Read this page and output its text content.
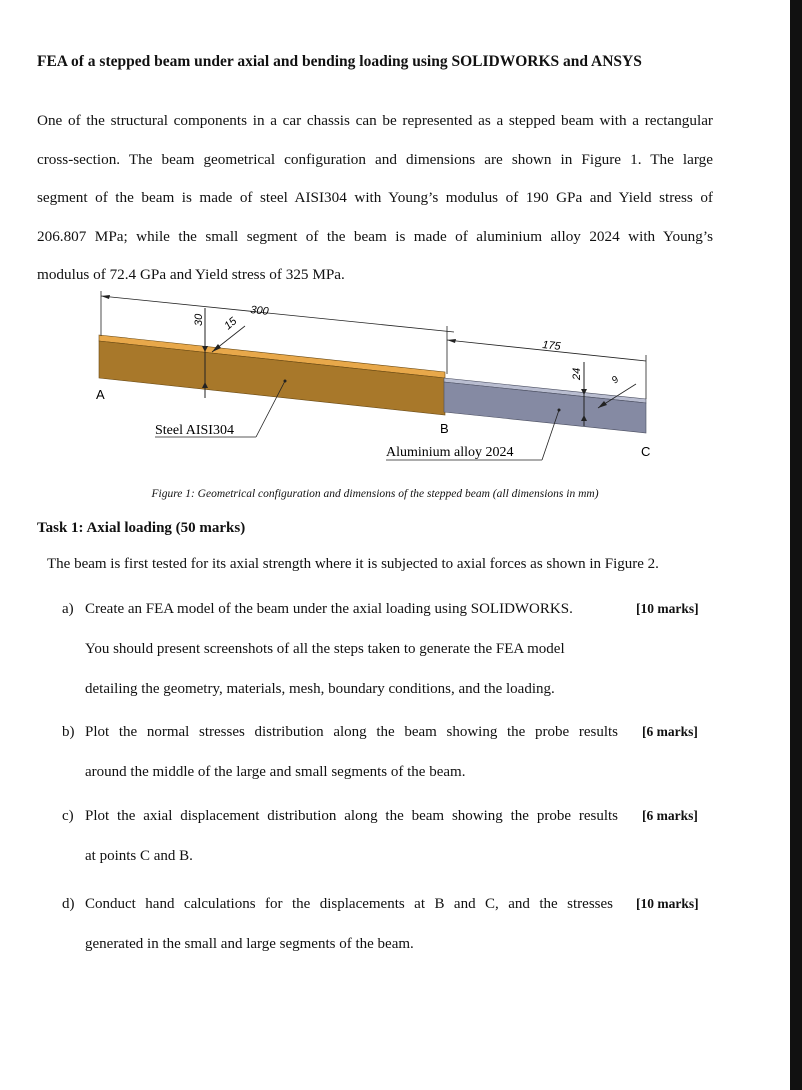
FEA of a stepped beam under axial and bending loading using SOLIDWORKS and ANSYS
One of the structural components in a car chassis can be represented as a stepped beam with a rectangular
cross-section. The beam geometrical configuration and dimensions are shown in Figure 1. The large
segment of the beam is made of steel AISI304 with Young’s modulus of 190 GPa and Yield stress of
206.807 MPa; while the small segment of the beam is made of aluminium alloy 2024 with Young’s
modulus of 72.4 GPa and Yield stress of 325 MPa.
300
175
30 15
24
9
A
B
C
Steel AISI304
Aluminium alloy 2024
Figure 1: Geometrical configuration and dimensions of the stepped beam (all dimensions in mm)
Task 1: Axial loading (50 marks)
The beam is first tested for its axial strength where it is subjected to axial forces as shown in Figure 2.
a) Create an FEA model of the beam under the axial loading using SOLIDWORKS.
You should present screenshots of all the steps taken to generate the FEA model
detailing the geometry, materials, mesh, boundary conditions, and the loading.
[10 marks]
b) Plot the normal stresses distribution along the beam showing the probe results
around the middle of the large and small segments of the beam.
[6 marks]
c) Plot the axial displacement distribution along the beam showing the probe results
at points C and B.
[6 marks]
d) Conduct hand calculations for the displacements at B and C, and the stresses
generated in the small and large segments of the beam.
[10 marks]
